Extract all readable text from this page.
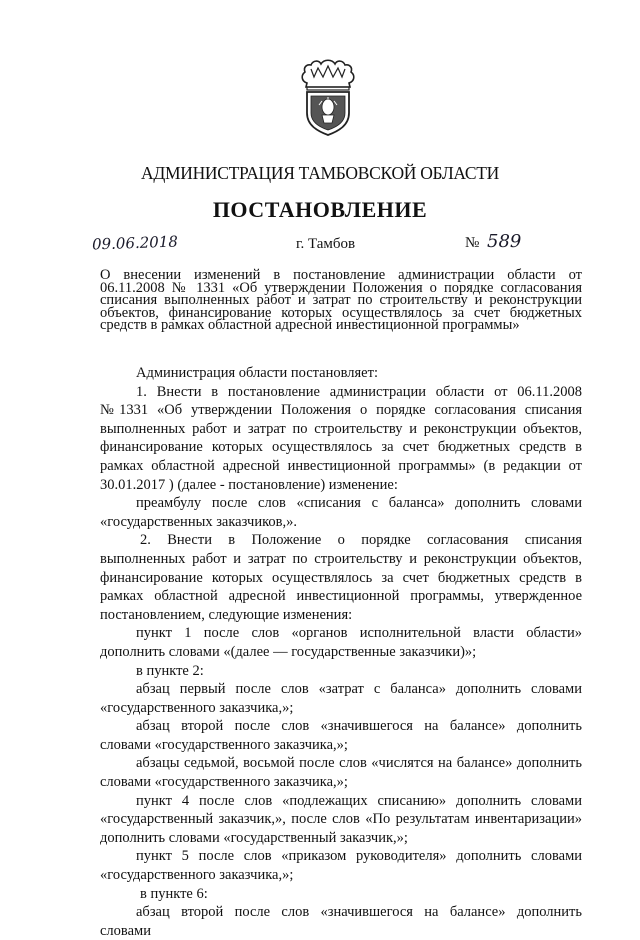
АДМИНИСТРАЦИЯ ТАМБОВСКОЙ ОБЛАСТИ
ПОСТАНОВЛЕНИЕ
09.06.2018	г. Тамбов	№ 589
О внесении изменений в постановление администрации области от 06.11.2008 № 1331 «Об утверждении Положения о порядке согласования списания выполненных работ и затрат по строительству и реконструкции объектов, финансирование которых осуществлялось за счет бюджетных средств в рамках областной адресной инвестиционной программы»

Администрация области постановляет:

1. Внести в постановление администрации области от 06.11.2008 №1331 «Об утверждении Положения о порядке согласования списания выполненных работ и затрат по строительству и реконструкции объектов, финансирование которых осуществлялось за счет бюджетных средств в рамках областной адресной инвестиционной программы» (в редакции от 30.01.2017 ) (далее - постановление) изменение:

преамбулу после слов «списания с баланса» дополнить словами «государственных заказчиков,».

2. Внести в Положение о порядке согласования списания выполненных работ и затрат по строительству и реконструкции объектов, финансирование которых осуществлялось за счет бюджетных средств в рамках областной адресной инвестиционной программы, утвержденное постановлением, следующие изменения:

пункт 1 после слов «органов исполнительной власти области» дополнить словами «(далее — государственные заказчики)»;

в пункте 2:

абзац первый после слов «затрат с баланса» дополнить словами «государственного заказчика,»;

абзац второй после слов «значившегося на балансе» дополнить словами «государственного заказчика,»;

абзацы седьмой, восьмой после слов «числятся на балансе» дополнить словами «государственного заказчика,»;

пункт 4 после слов «подлежащих списанию» дополнить словами «государственный заказчик,», после слов «По результатам инвентаризации» дополнить словами «государственный заказчик,»;

пункт 5 после слов «приказом руководителя» дополнить словами «государственного заказчика,»;

в пункте 6:

абзац второй после слов «значившегося на балансе» дополнить словами
